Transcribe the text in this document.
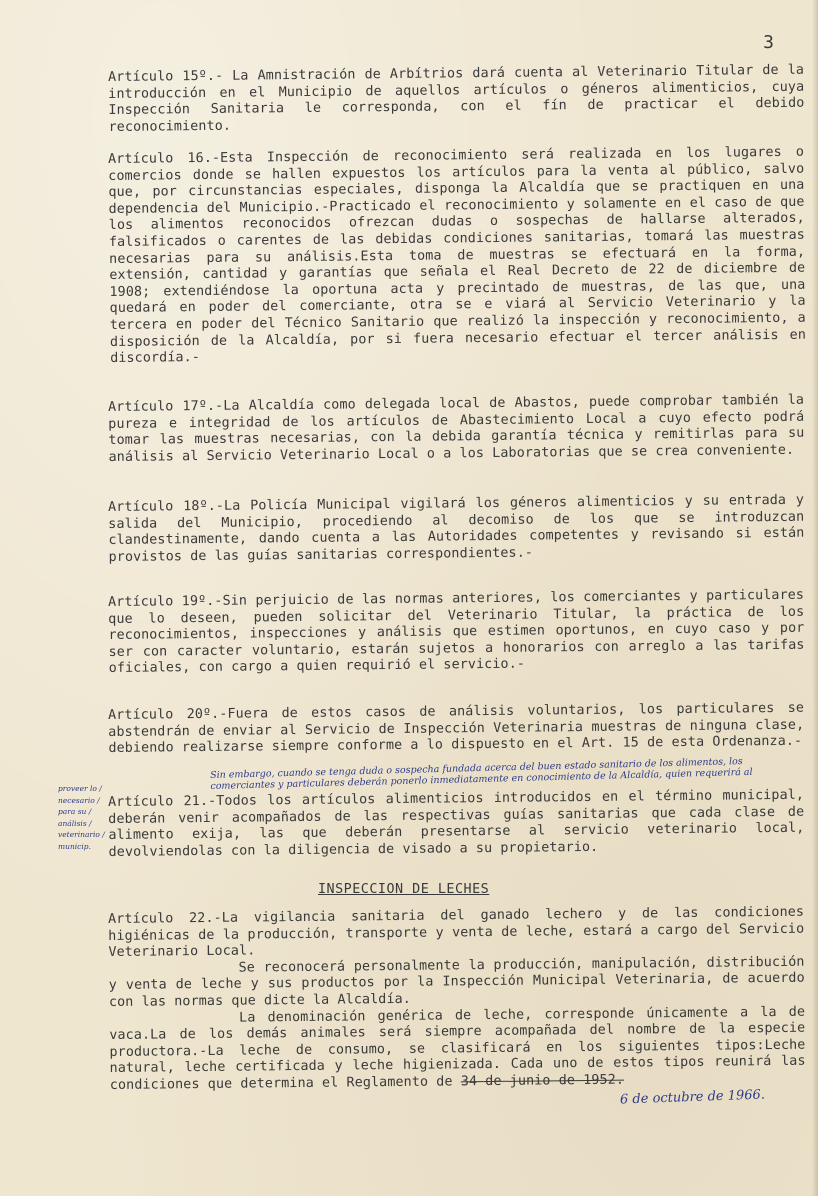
3
Artículo 15º.- La Amnistración de Arbítrios dará cuenta al Veterinario Titular de la introducción en el Municipio de aquellos artículos o géneros alimenticios, cuya Inspección Sanitaria le corresponda, con el fín de practicar el debido reconocimiento.
Artículo 16.-Esta Inspección de reconocimiento será realizada en los lugares o comercios donde se hallen expuestos los artículos para la venta al público, salvo que, por circunstancias especiales, disponga la Alcaldía que se practiquen en una dependencia del Municipio.-Practicado el reconocimiento y solamente en el caso de que los alimentos reconocidos ofrezcan dudas o sospechas de hallarse alterados, falsificados o carentes de las debidas condiciones sanitarias, tomará las muestras necesarias para su análisis.Esta toma de muestras se efectuará en la forma, extensión, cantidad y garantías que señala el Real Decreto de 22 de diciembre de 1908; extendiéndose la oportuna acta y precintado de muestras, de las que, una quedará en poder del comerciante, otra se e viará al Servicio Veterinario y la tercera en poder del Técnico Sanitario que realizó la inspección y reconocimiento, a disposición de la Alcaldía, por si fuera necesario efectuar el tercer análisis en discordía.-
Artículo 17º.-La Alcaldía como delegada local de Abastos, puede comprobar también la pureza e integridad de los artículos de Abastecimiento Local a cuyo efecto podrá tomar las muestras necesarias, con la debida garantía técnica y remitirlas para su análisis al Servicio Veterinario Local o a los Laboratorias que se crea conveniente.
Artículo 18º.-La Policía Municipal vigilará los géneros alimenticios y su entrada y salida del Municipio, procediendo al decomiso de los que se introduzcan clandestinamente, dando cuenta a las Autoridades competentes y revisando si están provistos de las guías sanitarias correspondientes.-
Artículo 19º.-Sin perjuicio de las normas anteriores, los comerciantes y particulares que lo deseen, pueden solicitar del Veterinario Titular, la práctica de los reconocimientos, inspecciones y análisis que estimen oportunos, en cuyo caso y por ser con caracter voluntario, estarán sujetos a honorarios con arreglo a las tarifas oficiales, con cargo a quien requirió el servicio.-
Artículo 20º.-Fuera de estos casos de análisis voluntarios, los particulares se abstendrán de enviar al Servicio de Inspección Veterinaria muestras de ninguna clase, debiendo realizarse siempre conforme a lo dispuesto en el Art. 15 de esta Ordenanza.-
Sin embargo, cuando se tenga duda o sospecha fundada acerca del buen estado sanitario de los alimentos, los comerciantes y particulares deberán ponerlo inmediatamente en conocimiento de la Alcaldía, quien requerirá al
proveer lo / necesario / para su / análisis / veterinario / municip.
Artículo 21.-Todos los artículos alimenticios introducidos en el término municipal, deberán venir acompañados de las respectivas guías sanitarias que cada clase de alimento exija, las que deberán presentarse al servicio veterinario local, devolviendolas con la diligencia de visado a su propietario.
INSPECCION DE LECHES
Artículo 22.-La vigilancia sanitaria del ganado lechero y de las condiciones higiénicas de la producción, transporte y venta de leche, estará a cargo del Servicio Veterinario Local.
Se reconocerá personalmente la producción, manipulación, distribución y venta de leche y sus productos por la Inspección Municipal Veterinaria, de acuerdo con las normas que dicte la Alcaldía.
La denominación genérica de leche, corresponde únicamente a la de vaca.La de los demás animales será siempre acompañada del nombre de la especie productora.-La leche de consumo, se clasificará en los siguientes tipos:Leche natural, leche certificada y leche higienizada. Cada uno de estos tipos reunirá las condiciones que determina el Reglamento de 34 de junio de 1952.
6 de octubre de 1966.
